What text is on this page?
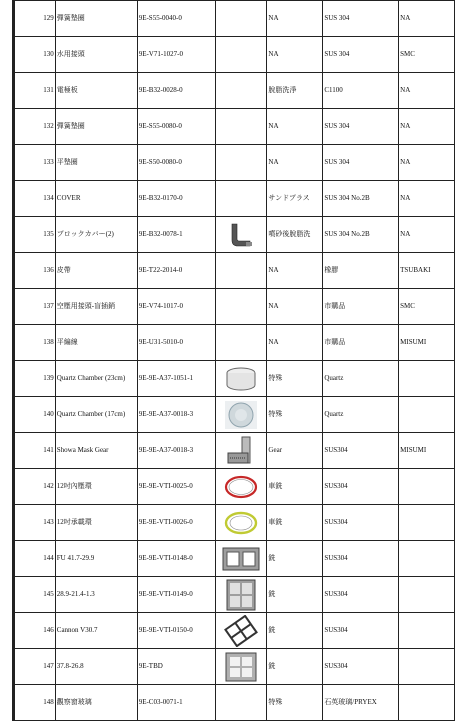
129	彈簧墊圈	9E-S55-0040-0		NA	SUS 304	NA
130	水用接頭	9E-V71-1027-0		NA	SUS 304	SMC
131	電極板	9E-B32-0028-0		脫脂洗淨	C1100	NA
132	彈簧墊圈	9E-S55-0080-0		NA	SUS 304	NA
133	平墊圈	9E-S50-0080-0		NA	SUS 304	NA
134	COVER	9E-B32-0170-0		サンドブラス	SUS 304 No.2B	NA
135	ブロックカバー(2)	9E-B32-0078-1		噴砂後脫脂洗	SUS 304 No.2B	NA
136	皮帶	9E-T22-2014-0		NA	橡膠	TSUBAKI
137	空壓用接頭-盲插銷	9E-V74-1017-0		NA	市購品	SMC
138	平編線	9E-U31-5010-0		NA	市購品	MISUMI
139	Quartz Chamber (23cm)	9E-9E-A37-1051-1		特殊	Quartz	
140	Quartz Chamber (17cm)	9E-9E-A37-0018-3		特殊	Quartz	
141	Showa Mask Gear	9E-9E-A37-0018-3		Gear	SUS304	MISUMI
142	12吋內壓環	9E-9E-VTI-0025-0		車銑	SUS304	
143	12吋承載環	9E-9E-VTI-0026-0		車銑	SUS304	
144	FU 41.7-29.9	9E-9E-VTI-0148-0		銑	SUS304	
145	28.9-21.4-1.3	9E-9E-VTI-0149-0		銑	SUS304	
146	Cannon V30.7	9E-9E-VTI-0150-0		銑	SUS304	
147	37.8-26.8	9E-TBD		銑	SUS304	
148	觀察窗玻璃	9E-C03-0071-1		特殊	石英玻璃/PRYEX	
